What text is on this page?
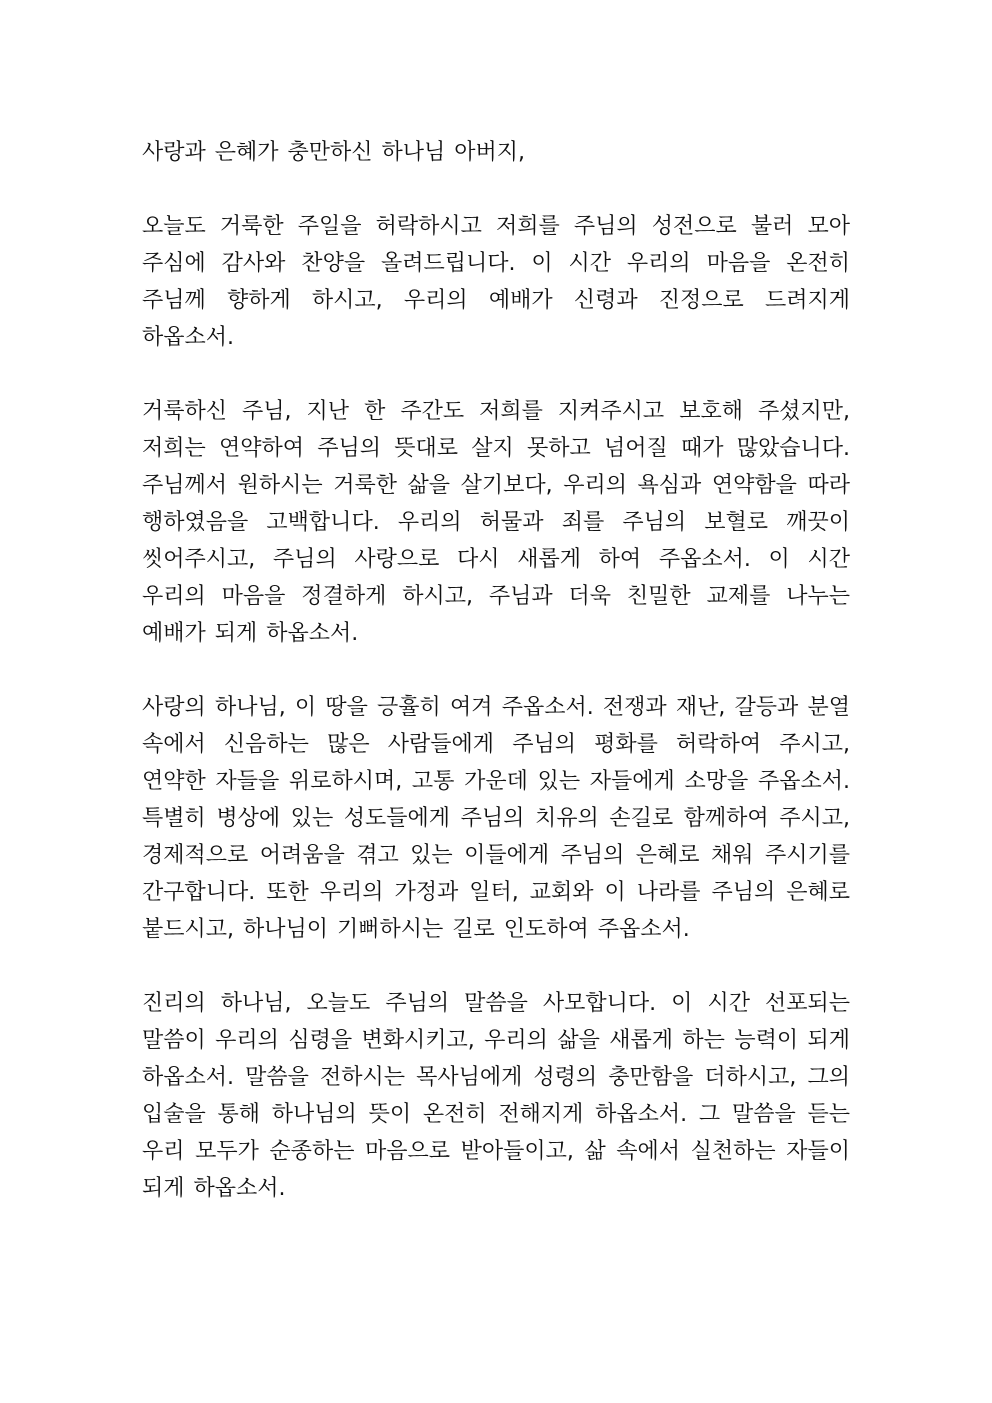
사랑과 은혜가 충만하신 하나님 아버지,

오늘도 거룩한 주일을 허락하시고 저희를 주님의 성전으로 불러 모아 주심에 감사와 찬양을 올려드립니다. 이 시간 우리의 마음을 온전히 주님께 향하게 하시고, 우리의 예배가 신령과 진정으로 드려지게 하옵소서.

거룩하신 주님, 지난 한 주간도 저희를 지켜주시고 보호해 주셨지만, 저희는 연약하여 주님의 뜻대로 살지 못하고 넘어질 때가 많았습니다. 주님께서 원하시는 거룩한 삶을 살기보다, 우리의 욕심과 연약함을 따라 행하였음을 고백합니다. 우리의 허물과 죄를 주님의 보혈로 깨끗이 씻어주시고, 주님의 사랑으로 다시 새롭게 하여 주옵소서. 이 시간 우리의 마음을 정결하게 하시고, 주님과 더욱 친밀한 교제를 나누는 예배가 되게 하옵소서.

사랑의 하나님, 이 땅을 긍휼히 여겨 주옵소서. 전쟁과 재난, 갈등과 분열 속에서 신음하는 많은 사람들에게 주님의 평화를 허락하여 주시고, 연약한 자들을 위로하시며, 고통 가운데 있는 자들에게 소망을 주옵소서. 특별히 병상에 있는 성도들에게 주님의 치유의 손길로 함께하여 주시고, 경제적으로 어려움을 겪고 있는 이들에게 주님의 은혜로 채워 주시기를 간구합니다. 또한 우리의 가정과 일터, 교회와 이 나라를 주님의 은혜로 붙드시고, 하나님이 기뻐하시는 길로 인도하여 주옵소서.

진리의 하나님, 오늘도 주님의 말씀을 사모합니다. 이 시간 선포되는 말씀이 우리의 심령을 변화시키고, 우리의 삶을 새롭게 하는 능력이 되게 하옵소서. 말씀을 전하시는 목사님에게 성령의 충만함을 더하시고, 그의 입술을 통해 하나님의 뜻이 온전히 전해지게 하옵소서. 그 말씀을 듣는 우리 모두가 순종하는 마음으로 받아들이고, 삶 속에서 실천하는 자들이 되게 하옵소서.
